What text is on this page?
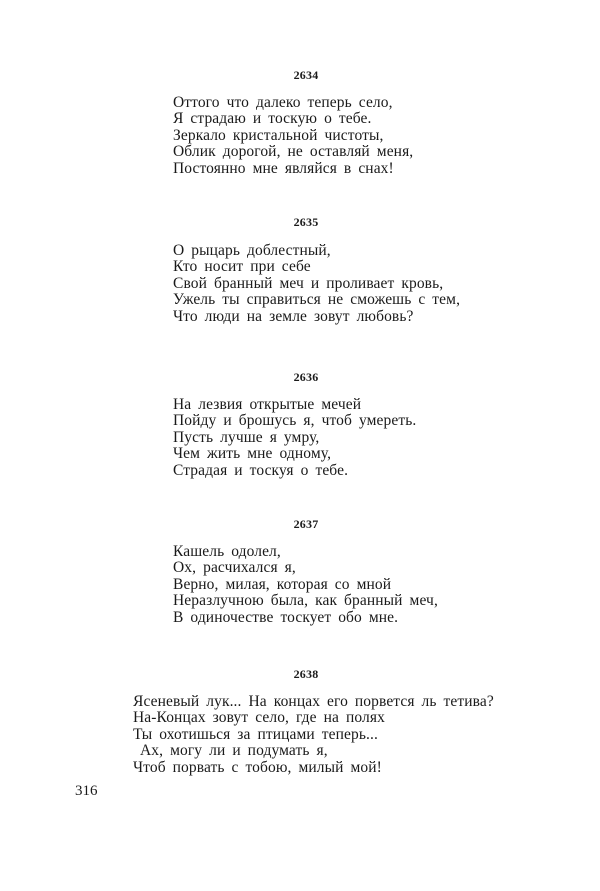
2634
Оттого что далеко теперь село,
Я страдаю и тоскую о тебе.
Зеркало кристальной чистоты,
Облик дорогой, не оставляй меня,
Постоянно мне являйся в снах!
2635
О рыцарь доблестный,
Кто носит при себе
Свой бранный меч и проливает кровь,
Ужель ты справиться не сможешь с тем,
Что люди на земле зовут любовь?
2636
На лезвия открытые мечей
Пойду и брошусь я, чтоб умереть.
Пусть лучше я умру,
Чем жить мне одному,
Страдая и тоскуя о тебе.
2637
Кашель одолел,
Ох, расчихался я,
Верно, милая, которая со мной
Неразлучною была, как бранный меч,
В одиночестве тоскует обо мне.
2638
Ясеневый лук... На концах его порвется ль тетива?
На-Концах зовут село, где на полях
Ты охотишься за птицами теперь...
Ах, могу ли и подумать я,
Чтоб порвать с тобою, милый мой!
316
